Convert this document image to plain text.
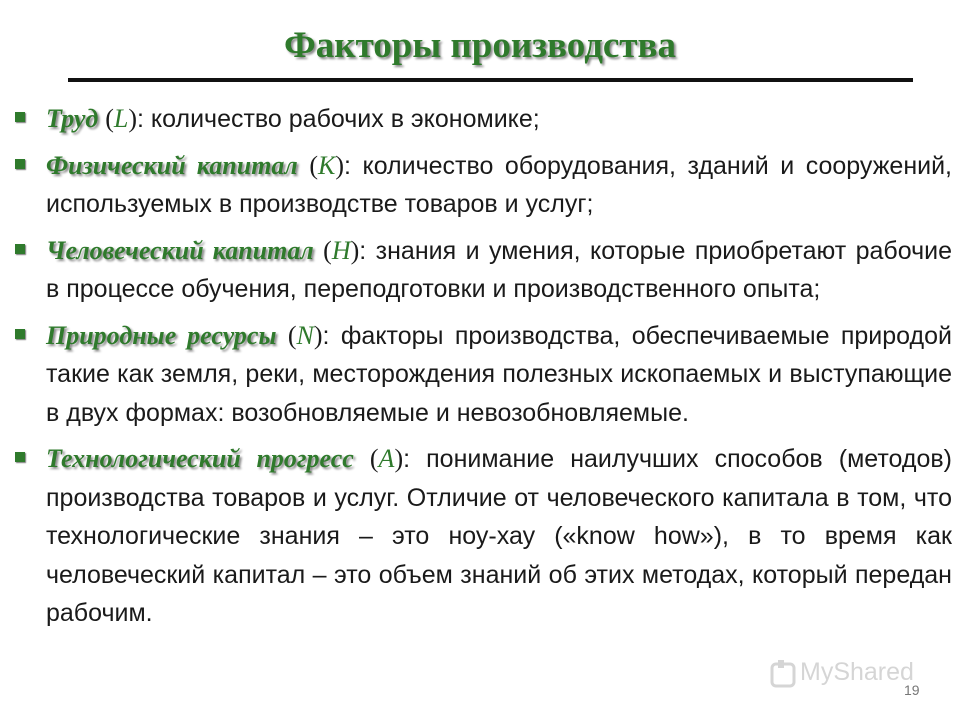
Факторы производства
Труд (L): количество рабочих в экономике;
Физический капитал (K): количество оборудования, зданий и сооружений, используемых в производстве товаров и услуг;
Человеческий капитал (H): знания и умения, которые приобретают рабочие в процессе обучения, переподготовки и производственного опыта;
Природные ресурсы (N): факторы производства, обеспечиваемые природой такие как земля, реки, месторождения полезных ископаемых и выступающие в двух формах: возобновляемые и невозобновляемые.
Технологический прогресс (A): понимание наилучших способов (методов) производства товаров и услуг. Отличие от человеческого капитала в том, что технологические знания – это ноу-хау («know how»), в то время как человеческий капитал – это объем знаний об этих методах, который передан рабочим.
MyShared
19
